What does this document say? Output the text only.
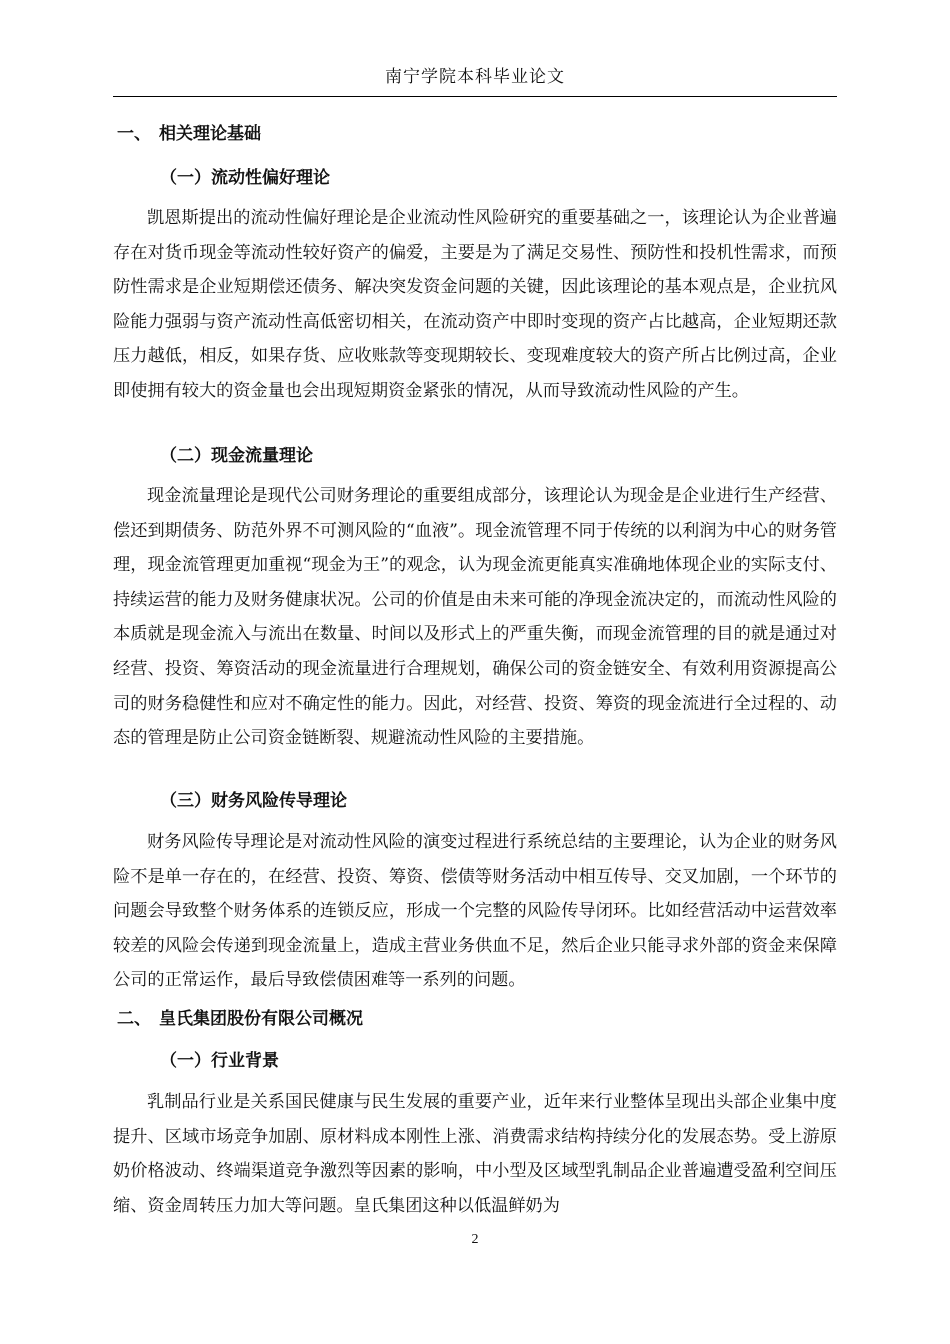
南宁学院本科毕业论文
一、 相关理论基础
（一）流动性偏好理论

凯恩斯提出的流动性偏好理论是企业流动性风险研究的重要基础之一，该理论认为企业普遍存在对货币现金等流动性较好资产的偏爱，主要是为了满足交易性、预防性和投机性需求，而预防性需求是企业短期偿还债务、解决突发资金问题的关键，因此该理论的基本观点是，企业抗风险能力强弱与资产流动性高低密切相关，在流动资产中即时变现的资产占比越高，企业短期还款压力越低，相反，如果存货、应收账款等变现期较长、变现难度较大的资产所占比例过高，企业即使拥有较大的资金量也会出现短期资金紧张的情况，从而导致流动性风险的产生。

（二）现金流量理论

现金流量理论是现代公司财务理论的重要组成部分，该理论认为现金是企业进行生产经营、偿还到期债务、防范外界不可测风险的“血液”。现金流管理不同于传统的以利润为中心的财务管理，现金流管理更加重视“现金为王”的观念，认为现金流更能真实准确地体现企业的实际支付、持续运营的能力及财务健康状况。公司的价值是由未来可能的净现金流决定的，而流动性风险的本质就是现金流入与流出在数量、时间以及形式上的严重失衡，而现金流管理的目的就是通过对经营、投资、筹资活动的现金流量进行合理规划，确保公司的资金链安全、有效利用资源提高公司的财务稳健性和应对不确定性的能力。因此，对经营、投资、筹资的现金流进行全过程的、动态的管理是防止公司资金链断裂、规避流动性风险的主要措施。

（三）财务风险传导理论

财务风险传导理论是对流动性风险的演变过程进行系统总结的主要理论，认为企业的财务风险不是单一存在的，在经营、投资、筹资、偿债等财务活动中相互传导、交叉加剧，一个环节的问题会导致整个财务体系的连锁反应，形成一个完整的风险传导闭环。比如经营活动中运营效率较差的风险会传递到现金流量上，造成主营业务供血不足，然后企业只能寻求外部的资金来保障公司的正常运作，最后导致偿债困难等一系列的问题。

二、 皇氏集团股份有限公司概况
（一）行业背景

乳制品行业是关系国民健康与民生发展的重要产业，近年来行业整体呈现出头部企业集中度提升、区域市场竞争加剧、原材料成本刚性上涨、消费需求结构持续分化的发展态势。受上游原奶价格波动、终端渠道竞争激烈等因素的影响，中小型及区域型乳制品企业普遍遭受盈利空间压缩、资金周转压力加大等问题。皇氏集团这种以低温鲜奶为

2
